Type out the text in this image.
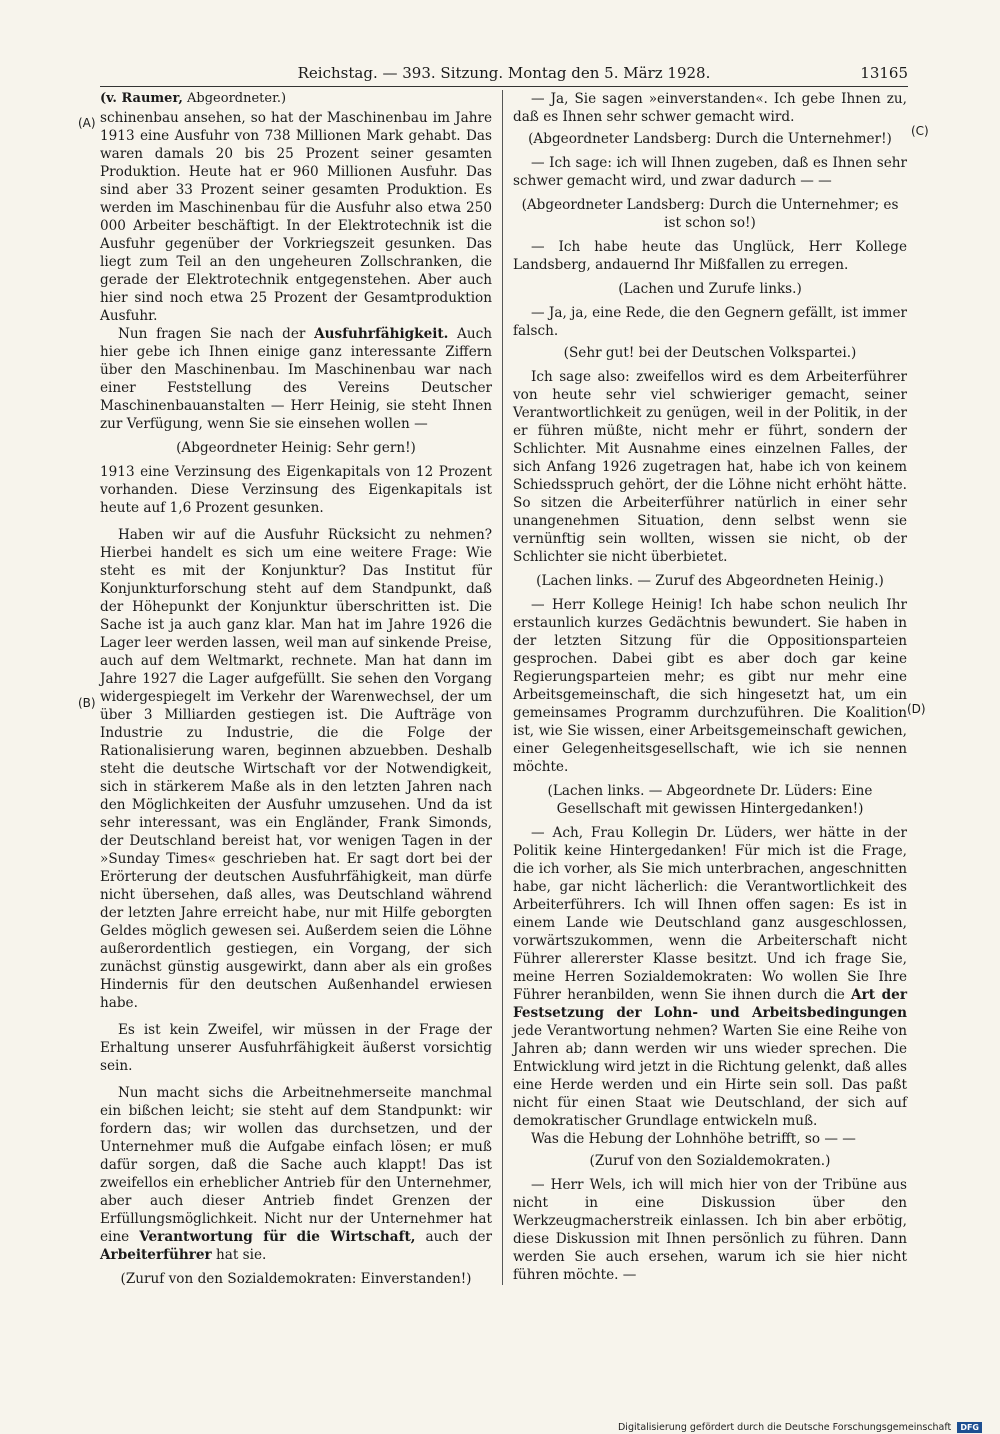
Reichstag. — 393. Sitzung. Montag den 5. März 1928.	13165
(A)
(B)
(C)
(D)

(v. Raumer, Abgeordneter.)

schinenbau ansehen, so hat der Maschinenbau im Jahre 1913 eine Ausfuhr von 738 Millionen Mark gehabt. Das waren damals 20 bis 25 Prozent seiner gesamten Produktion. Heute hat er 960 Millionen Ausfuhr. Das sind aber 33 Prozent seiner gesamten Produktion. Es werden im Maschinenbau für die Ausfuhr also etwa 250 000 Arbeiter beschäftigt. In der Elektrotechnik ist die Ausfuhr gegenüber der Vorkriegszeit gesunken. Das liegt zum Teil an den ungeheuren Zollschranken, die gerade der Elektrotechnik entgegenstehen. Aber auch hier sind noch etwa 25 Prozent der Gesamtproduktion Ausfuhr.

Nun fragen Sie nach der Ausfuhrfähigkeit. Auch hier gebe ich Ihnen einige ganz interessante Ziffern über den Maschinenbau. Im Maschinenbau war nach einer Feststellung des Vereins Deutscher Maschinenbauanstalten — Herr Heinig, sie steht Ihnen zur Verfügung, wenn Sie sie einsehen wollen —

(Abgeordneter Heinig: Sehr gern!)

1913 eine Verzinsung des Eigenkapitals von 12 Prozent vorhanden. Diese Verzinsung des Eigenkapitals ist heute auf 1,6 Prozent gesunken.

Haben wir auf die Ausfuhr Rücksicht zu nehmen? Hierbei handelt es sich um eine weitere Frage: Wie steht es mit der Konjunktur? Das Institut für Konjunkturforschung steht auf dem Standpunkt, daß der Höhepunkt der Konjunktur überschritten ist. Die Sache ist ja auch ganz klar. Man hat im Jahre 1926 die Lager leer werden lassen, weil man auf sinkende Preise, auch auf dem Weltmarkt, rechnete. Man hat dann im Jahre 1927 die Lager aufgefüllt. Sie sehen den Vorgang widergespiegelt im Verkehr der Warenwechsel, der um über 3 Milliarden gestiegen ist. Die Aufträge von Industrie zu Industrie, die die Folge der Rationalisierung waren, beginnen abzuebben. Deshalb steht die deutsche Wirtschaft vor der Notwendigkeit, sich in stärkerem Maße als in den letzten Jahren nach den Möglichkeiten der Ausfuhr umzusehen. Und da ist sehr interessant, was ein Engländer, Frank Simonds, der Deutschland bereist hat, vor wenigen Tagen in der »Sunday Times« geschrieben hat. Er sagt dort bei der Erörterung der deutschen Ausfuhrfähigkeit, man dürfe nicht übersehen, daß alles, was Deutschland während der letzten Jahre erreicht habe, nur mit Hilfe geborgten Geldes möglich gewesen sei. Außerdem seien die Löhne außerordentlich gestiegen, ein Vorgang, der sich zunächst günstig ausgewirkt, dann aber als ein großes Hindernis für den deutschen Außenhandel erwiesen habe.

Es ist kein Zweifel, wir müssen in der Frage der Erhaltung unserer Ausfuhrfähigkeit äußerst vorsichtig sein.

Nun macht sichs die Arbeitnehmerseite manchmal ein bißchen leicht; sie steht auf dem Standpunkt: wir fordern das; wir wollen das durchsetzen, und der Unternehmer muß die Aufgabe einfach lösen; er muß dafür sorgen, daß die Sache auch klappt! Das ist zweifellos ein erheblicher Antrieb für den Unternehmer, aber auch dieser Antrieb findet Grenzen der Erfüllungsmöglichkeit. Nicht nur der Unternehmer hat eine Verantwortung für die Wirtschaft, auch der Arbeiterführer hat sie.

(Zuruf von den Sozialdemokraten: Einverstanden!)

— Ja, Sie sagen »einverstanden«. Ich gebe Ihnen zu, daß es Ihnen sehr schwer gemacht wird.

(Abgeordneter Landsberg: Durch die Unternehmer!)

— Ich sage: ich will Ihnen zugeben, daß es Ihnen sehr schwer gemacht wird, und zwar dadurch — —

(Abgeordneter Landsberg: Durch die Unternehmer; es ist schon so!)

— Ich habe heute das Unglück, Herr Kollege Landsberg, andauernd Ihr Mißfallen zu erregen.

(Lachen und Zurufe links.)

— Ja, ja, eine Rede, die den Gegnern gefällt, ist immer falsch.

(Sehr gut! bei der Deutschen Volkspartei.)

Ich sage also: zweifellos wird es dem Arbeiterführer von heute sehr viel schwieriger gemacht, seiner Verantwortlichkeit zu genügen, weil in der Politik, in der er führen müßte, nicht mehr er führt, sondern der Schlichter. Mit Ausnahme eines einzelnen Falles, der sich Anfang 1926 zugetragen hat, habe ich von keinem Schiedsspruch gehört, der die Löhne nicht erhöht hätte. So sitzen die Arbeiterführer natürlich in einer sehr unangenehmen Situation, denn selbst wenn sie vernünftig sein wollten, wissen sie nicht, ob der Schlichter sie nicht überbietet.

(Lachen links. — Zuruf des Abgeordneten Heinig.)

— Herr Kollege Heinig! Ich habe schon neulich Ihr erstaunlich kurzes Gedächtnis bewundert. Sie haben in der letzten Sitzung für die Oppositionsparteien gesprochen. Dabei gibt es aber doch gar keine Regierungsparteien mehr; es gibt nur mehr eine Arbeitsgemeinschaft, die sich hingesetzt hat, um ein gemeinsames Programm durchzuführen. Die Koalition ist, wie Sie wissen, einer Arbeitsgemeinschaft gewichen, einer Gelegenheitsgesellschaft, wie ich sie nennen möchte.

(Lachen links. — Abgeordnete Dr. Lüders: Eine Gesellschaft mit gewissen Hintergedanken!)

— Ach, Frau Kollegin Dr. Lüders, wer hätte in der Politik keine Hintergedanken! Für mich ist die Frage, die ich vorher, als Sie mich unterbrachen, angeschnitten habe, gar nicht lächerlich: die Verantwortlichkeit des Arbeiterführers. Ich will Ihnen offen sagen: Es ist in einem Lande wie Deutschland ganz ausgeschlossen, vorwärtszukommen, wenn die Arbeiterschaft nicht Führer allererster Klasse besitzt. Und ich frage Sie, meine Herren Sozialdemokraten: Wo wollen Sie Ihre Führer heranbilden, wenn Sie ihnen durch die Art der Festsetzung der Lohn- und Arbeitsbedingungen jede Verantwortung nehmen? Warten Sie eine Reihe von Jahren ab; dann werden wir uns wieder sprechen. Die Entwicklung wird jetzt in die Richtung gelenkt, daß alles eine Herde werden und ein Hirte sein soll. Das paßt nicht für einen Staat wie Deutschland, der sich auf demokratischer Grundlage entwickeln muß.

Was die Hebung der Lohnhöhe betrifft, so — —

(Zuruf von den Sozialdemokraten.)

— Herr Wels, ich will mich hier von der Tribüne aus nicht in eine Diskussion über den Werkzeugmacherstreik einlassen. Ich bin aber erbötig, diese Diskussion mit Ihnen persönlich zu führen. Dann werden Sie auch ersehen, warum ich sie hier nicht führen möchte. —

Digitalisierung gefördert durch die Deutsche Forschungsgemeinschaft DFG
